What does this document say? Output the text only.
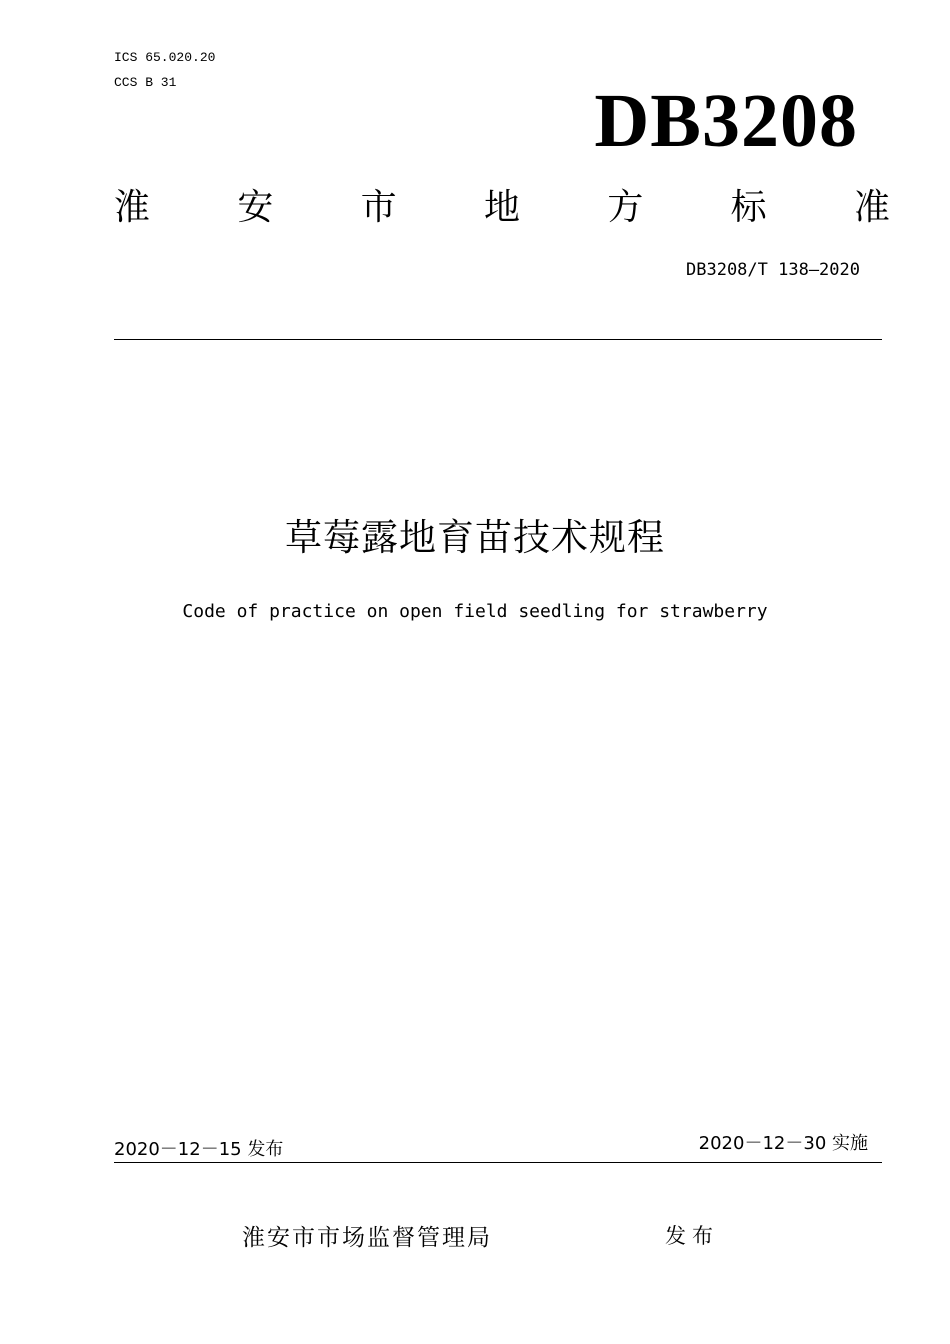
ICS 65.020.20
CCS B 31	DB3208
淮 安 市 地 方 标 准
DB3208/T 138—2020
草莓露地育苗技术规程
Code of practice on open field seedling for strawberry
2020－12－15 发布	2020－12－30 实施
淮安市市场监督管理局	发布
